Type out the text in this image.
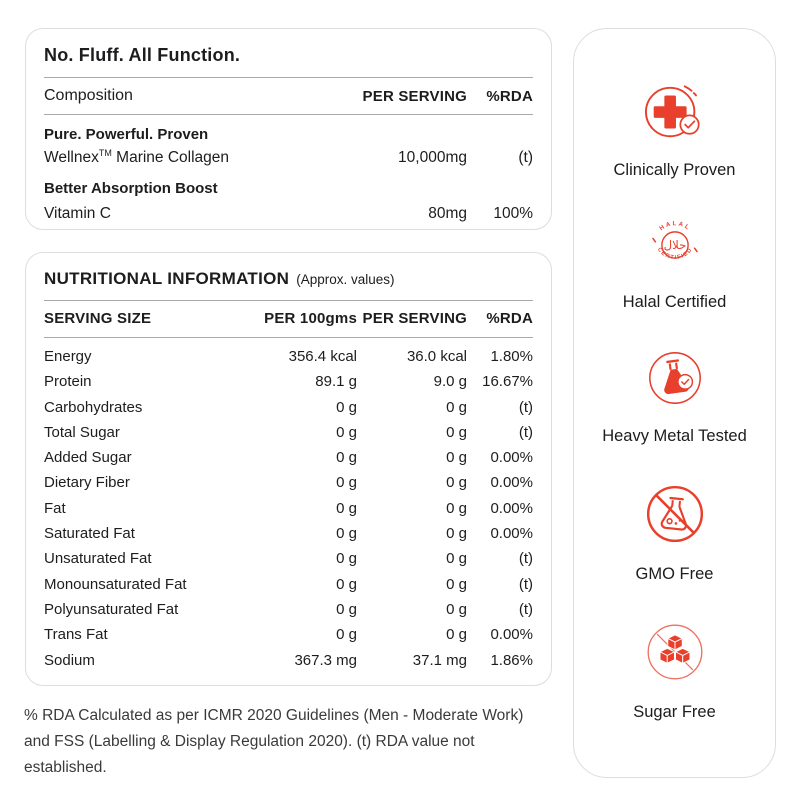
No. Fluff. All Function.
Composition	PER SERVING	%RDA
Pure. Powerful. Proven
Wellnex™ Marine Collagen	10,000mg	(t)
Better Absorption Boost
Vitamin C	80mg	100%
NUTRITIONAL INFORMATION (Approx. values)
SERVING SIZE	PER 100gms PER SERVING	%RDA
Energy	356.4 kcal	36.0 kcal	1.80%
Protein	89.1 g	9.0 g	16.67%
Carbohydrates	0 g	0 g	(t)
Total Sugar	0 g	0 g	(t)
Added Sugar	0 g	0 g	0.00%
Dietary Fiber	0 g	0 g	0.00%
Fat	0 g	0 g	0.00%
Saturated Fat	0 g	0 g	0.00%
Unsaturated Fat	0 g	0 g	(t)
Monounsaturated Fat	0 g	0 g	(t)
Polyunsaturated Fat	0 g	0 g	(t)
Trans Fat	0 g	0 g	0.00%
Sodium	367.3 mg	37.1 mg	1.86%
% RDA Calculated as per ICMR 2020 Guidelines (Men - Moderate Work) and FSS (Labelling & Display Regulation 2020). (t) RDA value not established.
Clinically Proven
HALAL
CERTIFIED
حلال
Halal Certified
Heavy Metal Tested
GMO Free
Sugar Free
